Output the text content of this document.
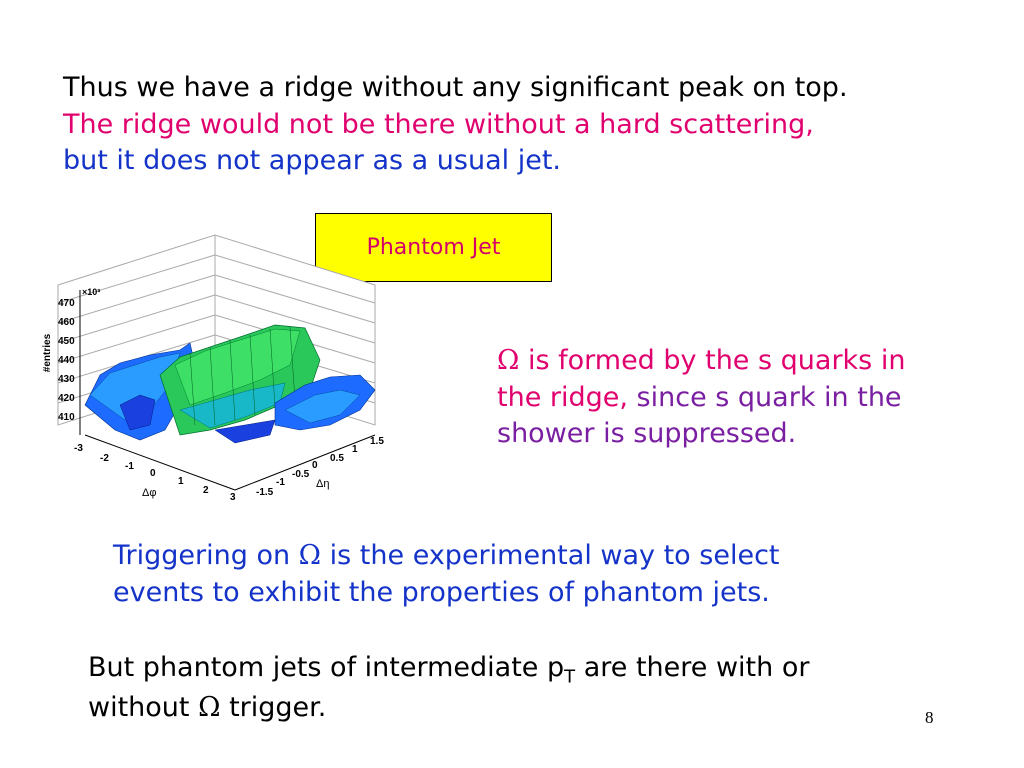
Thus we have a ridge without any significant peak on top.
The ridge would not be there without a hard scattering,
but it does not appear as a usual jet.
Phantom Jet
470
460
450
440
430
420
410
×10³
#entries
-3
-2
-1
0
1
2
3
Δφ	-1.5
-1
-0.5
0
0.5
1
1.5
Δη
Ω is formed by the s quarks in
the ridge, since s quark in the
shower is suppressed.
Triggering on Ω is the experimental way to select
events to exhibit the properties of phantom jets.
But phantom jets of intermediate $p_T$ are there with or
without Ω trigger.	8
